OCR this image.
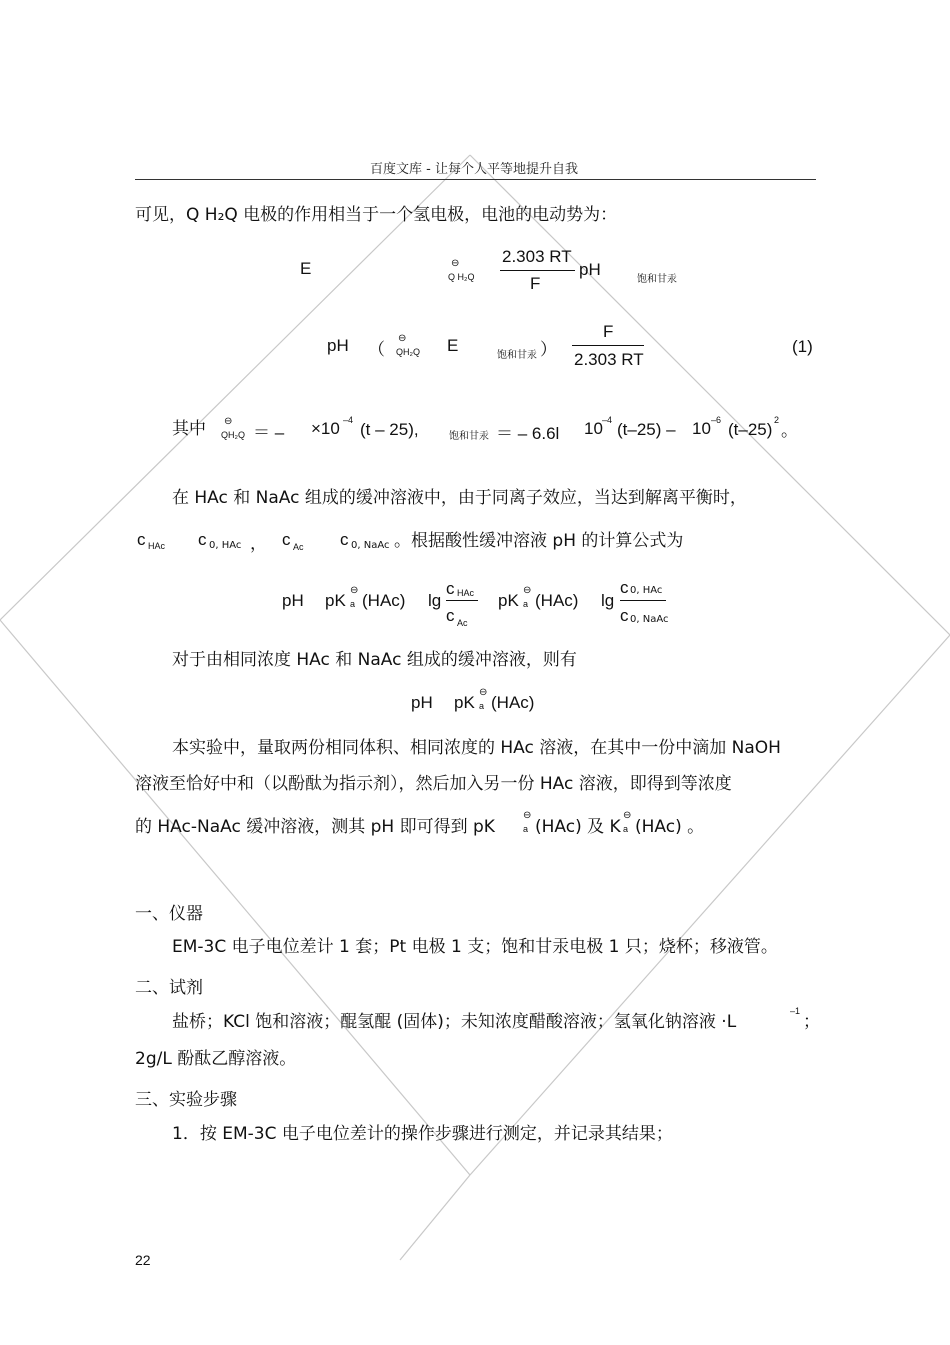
百度文库 - 让每个人平等地提升自我
可见，Q H₂Q 电极的作用相当于一个氢电极，电池的电动势为：
E	⊖
Q H₂Q
2.303 RT
F
pH
饱和甘汞
pH （
⊖
QH₂Q E
饱和甘汞 ）
F
2.303 RT
(1)
其中 ⊖
QH₂Q ＝ – ×10 –4 (t – 25),	饱和甘汞 ＝ – 6.6l 10 –4 (t–25) – 10 –6 (t–25) 2
。
在 HAc 和 NaAc 组成的缓冲溶液中，由于同离子效应，当达到解离平衡时，
c HAc c 0, HAc ， c Ac c 0, NaAc 。根据酸性缓冲溶液 pH 的计算公式为
pH pK
⊖
a (HAc) lg
c HAc
c Ac
pK
⊖
a (HAc) lg
c 0, HAc
c 0, NaAc
对于由相同浓度 HAc 和 NaAc 组成的缓冲溶液，则有
pH pK
⊖
a (HAc)
本实验中，量取两份相同体积、相同浓度的 HAc 溶液，在其中一份中滴加 NaOH
溶液至恰好中和（以酚酞为指示剂），然后加入另一份 HAc 溶液，即得到等浓度
的 HAc-NaAc 缓冲溶液，测其 pH 即可得到 pK
⊖
a (HAc) 及 K
⊖
a (HAc) 。
一、仪器
EM-3C 电子电位差计 1 套；Pt 电极 1 支；饱和甘汞电极 1 只；烧杯；移液管。
二、试剂
盐桥；KCl 饱和溶液；醌氢醌 (固体)；未知浓度醋酸溶液；氢氧化钠溶液 ·L
–1
；
2g/L 酚酞乙醇溶液。
三、实验步骤
1．按 EM-3C 电子电位差计的操作步骤进行测定，并记录其结果；
22
